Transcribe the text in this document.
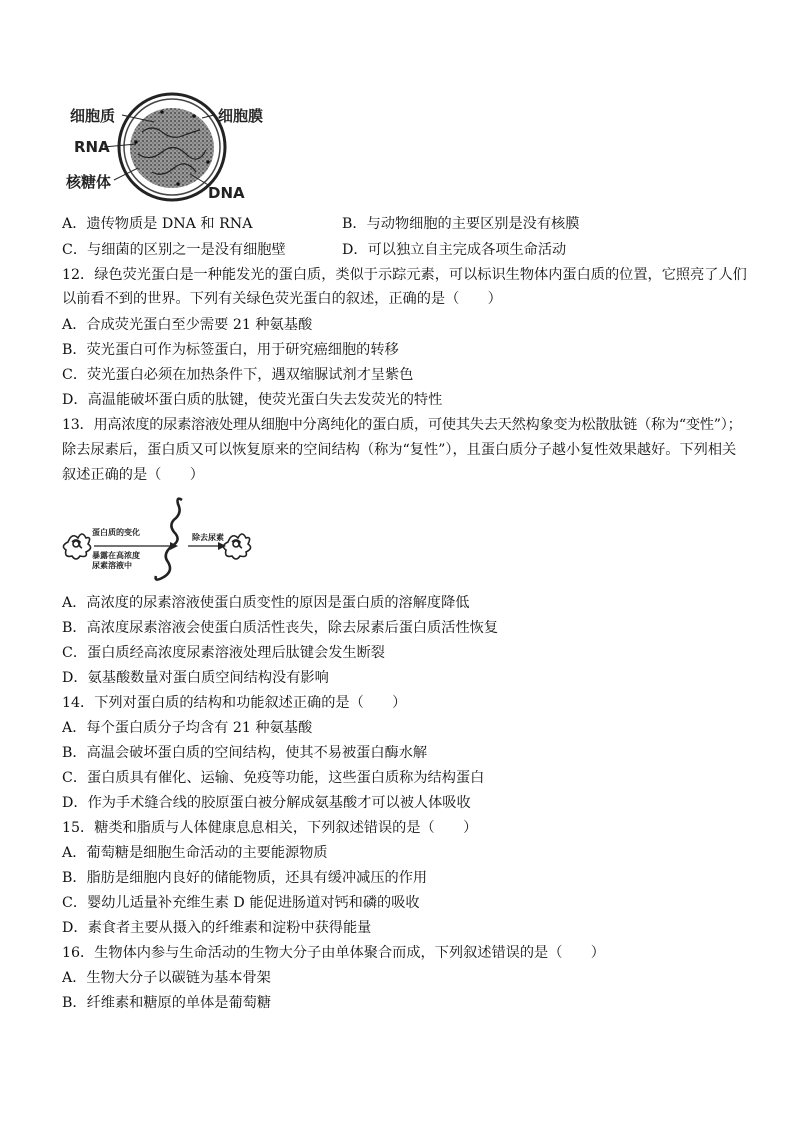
细胞质	细胞膜
RNA
核糖体
DNA
A．遗传物质是 DNA 和 RNA	B．与动物细胞的主要区别是没有核膜
C．与细菌的区别之一是没有细胞壁	D．可以独立自主完成各项生命活动
12．绿色荧光蛋白是一种能发光的蛋白质，类似于示踪元素，可以标识生物体内蛋白质的位置，它照亮了人们
以前看不到的世界。下列有关绿色荧光蛋白的叙述，正确的是（　　）
A．合成荧光蛋白至少需要 21 种氨基酸
B．荧光蛋白可作为标签蛋白，用于研究癌细胞的转移
C．荧光蛋白必须在加热条件下，遇双缩脲试剂才呈紫色
D．高温能破坏蛋白质的肽键，使荧光蛋白失去发荧光的特性
13．用高浓度的尿素溶液处理从细胞中分离纯化的蛋白质，可使其失去天然构象变为松散肽链（称为“变性”）；
除去尿素后，蛋白质又可以恢复原来的空间结构（称为“复性”），且蛋白质分子越小复性效果越好。下列相关
叙述正确的是（　　）
蛋白质的变化
暴露在高浓度
尿素溶液中
除去尿素
A．高浓度的尿素溶液使蛋白质变性的原因是蛋白质的溶解度降低
B．高浓度尿素溶液会使蛋白质活性丧失，除去尿素后蛋白质活性恢复
C．蛋白质经高浓度尿素溶液处理后肽键会发生断裂
D．氨基酸数量对蛋白质空间结构没有影响
14．下列对蛋白质的结构和功能叙述正确的是（　　）
A．每个蛋白质分子均含有 21 种氨基酸
B．高温会破坏蛋白质的空间结构，使其不易被蛋白酶水解
C．蛋白质具有催化、运输、免疫等功能，这些蛋白质称为结构蛋白
D．作为手术缝合线的胶原蛋白被分解成氨基酸才可以被人体吸收
15．糖类和脂质与人体健康息息相关，下列叙述错误的是（　　）
A．葡萄糖是细胞生命活动的主要能源物质
B．脂肪是细胞内良好的储能物质，还具有缓冲减压的作用
C．婴幼儿适量补充维生素 D 能促进肠道对钙和磷的吸收
D．素食者主要从摄入的纤维素和淀粉中获得能量
16．生物体内参与生命活动的生物大分子由单体聚合而成，下列叙述错误的是（　　）
A．生物大分子以碳链为基本骨架
B．纤维素和糖原的单体是葡萄糖
